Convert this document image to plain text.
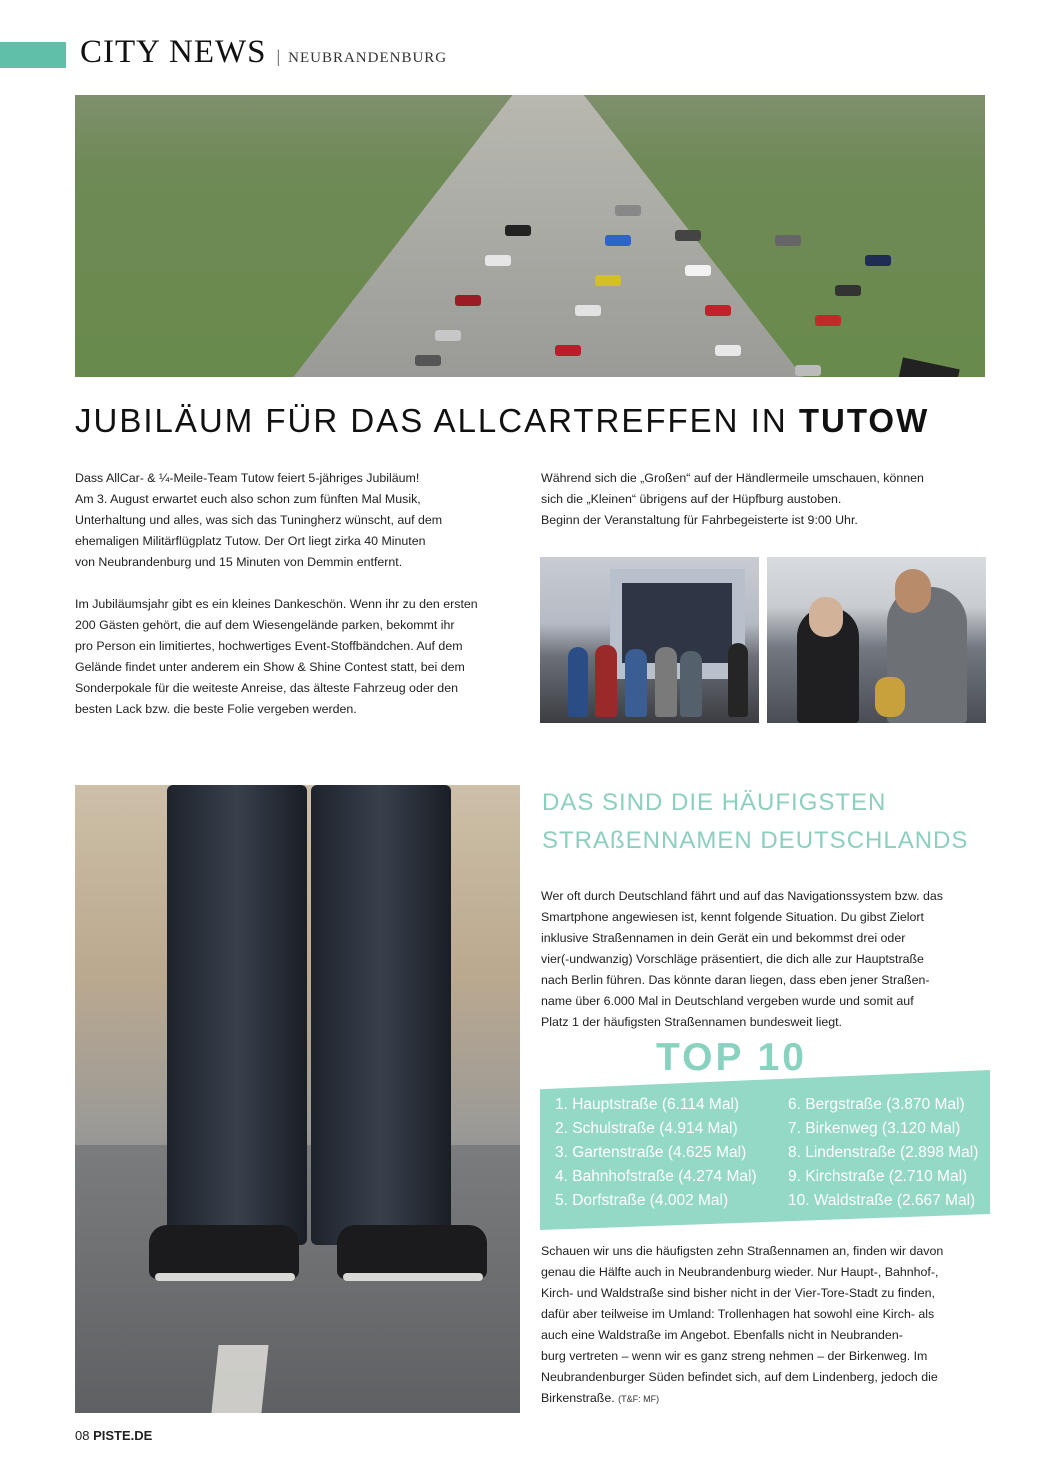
CITY NEWS | NEUBRANDENBURG
JUBILÄUM FÜR DAS ALLCARTREFFEN IN TUTOW

Dass AllCar- & ¼-Meile-Team Tutow feiert 5-jähriges Jubiläum!

Am 3. August erwartet euch also schon zum fünften Mal Musik,

Unterhaltung und alles, was sich das Tuningherz wünscht, auf dem

ehemaligen Militärflügplatz Tutow. Der Ort liegt zirka 40 Minuten

von Neubrandenburg und 15 Minuten von Demmin entfernt.

Im Jubiläumsjahr gibt es ein kleines Dankeschön. Wenn ihr zu den ersten

200 Gästen gehört, die auf dem Wiesengelände parken, bekommt ihr

pro Person ein limitiertes, hochwertiges Event-Stoffbändchen. Auf dem

Gelände findet unter anderem ein Show & Shine Contest statt, bei dem

Sonderpokale für die weiteste Anreise, das älteste Fahrzeug oder den

besten Lack bzw. die beste Folie vergeben werden.

Während sich die „Großen“ auf der Händlermeile umschauen, können

sich die „Kleinen“ übrigens auf der Hüpfburg austoben.

Beginn der Veranstaltung für Fahrbegeisterte ist 9:00 Uhr.

DAS SIND DIE HÄUFIGSTEN
STRAßENNAMEN DEUTSCHLANDS

Wer oft durch Deutschland fährt und auf das Navigationssystem bzw. das

Smartphone angewiesen ist, kennt folgende Situation. Du gibst Zielort

inklusive Straßennamen in dein Gerät ein und bekommst drei oder

vier(-undwanzig) Vorschläge präsentiert, die dich alle zur Hauptstraße

nach Berlin führen. Das könnte daran liegen, dass eben jener Straßen-

name über 6.000 Mal in Deutschland vergeben wurde und somit auf

Platz 1 der häufigsten Straßennamen bundesweit liegt.

TOP 10
1. Hauptstraße (6.114 Mal)
2. Schulstraße (4.914 Mal)
3. Gartenstraße (4.625 Mal)
4. Bahnhofstraße (4.274 Mal)
5. Dorfstraße (4.002 Mal)
6. Bergstraße (3.870 Mal)
7. Birkenweg (3.120 Mal)
8. Lindenstraße (2.898 Mal)
9. Kirchstraße (2.710 Mal)
10. Waldstraße (2.667 Mal)

Schauen wir uns die häufigsten zehn Straßennamen an, finden wir davon

genau die Hälfte auch in Neubrandenburg wieder. Nur Haupt-, Bahnhof-,

Kirch- und Waldstraße sind bisher nicht in der Vier-Tore-Stadt zu finden,

dafür aber teilweise im Umland: Trollenhagen hat sowohl eine Kirch- als

auch eine Waldstraße im Angebot. Ebenfalls nicht in Neubranden-

burg vertreten – wenn wir es ganz streng nehmen – der Birkenweg. Im

Neubrandenburger Süden befindet sich, auf dem Lindenberg, jedoch die

Birkenstraße. (T&F: MF)

08 PISTE.DE
